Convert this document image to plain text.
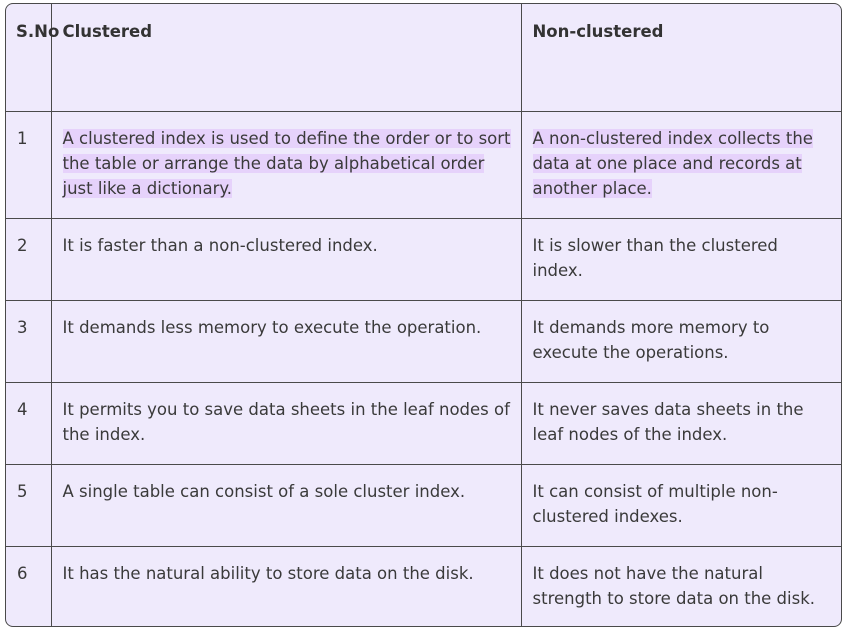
S.No	Clustered	Non-clustered
1	A clustered index is used to define the order or to sort the table or arrange the data by alphabetical order just like a dictionary.	A non-clustered index collects the data at one place and records at another place.
2	It is faster than a non-clustered index.	It is slower than the clustered index.
3	It demands less memory to execute the operation.	It demands more memory to execute the operations.
4	It permits you to save data sheets in the leaf nodes of the index.	It never saves data sheets in the leaf nodes of the index.
5	A single table can consist of a sole cluster index.	It can consist of multiple non-clustered indexes.
6	It has the natural ability to store data on the disk.	It does not have the natural strength to store data on the disk.
